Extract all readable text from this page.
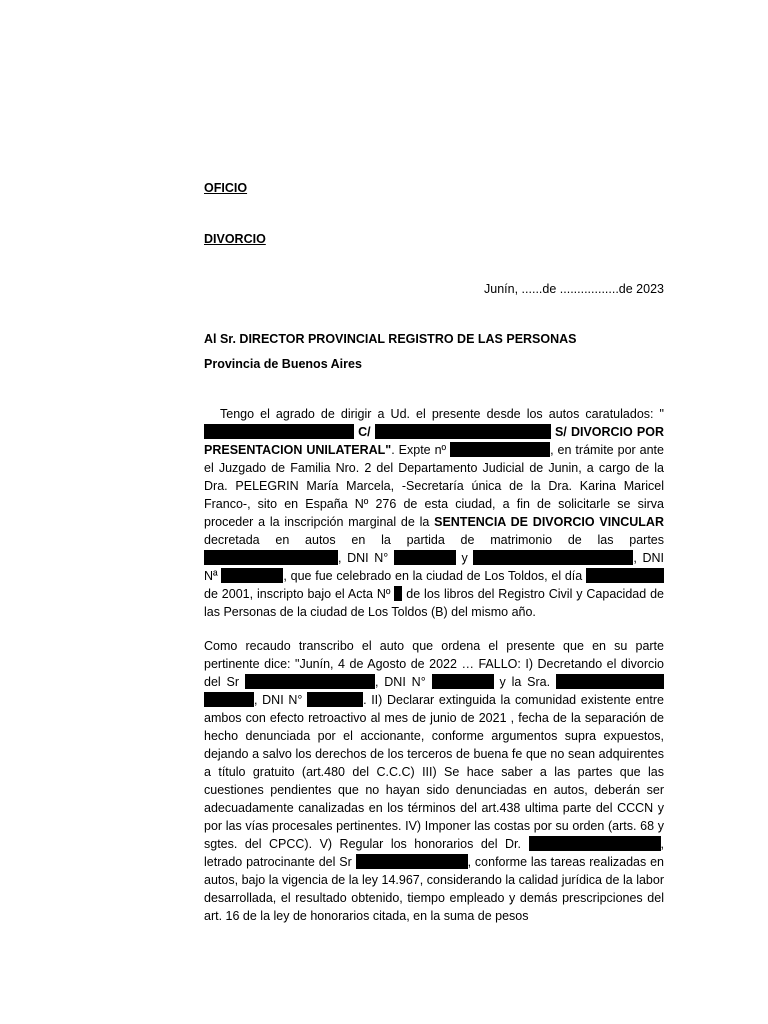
OFICIO
DIVORCIO
Junín, ......de .................de 2023
Al Sr. DIRECTOR PROVINCIAL REGISTRO DE LAS PERSONAS
Provincia de Buenos Aires
Tengo el agrado de dirigir a Ud. el presente desde los autos caratulados: " C/	S/ DIVORCIO POR PRESENTACION UNILATERAL". Expte nº	, en trámite por ante el Juzgado de Familia Nro. 2 del Departamento Judicial de Junin, a cargo de la Dra. PELEGRIN María Marcela, -Secretaría única de la Dra. Karina Maricel Franco-, sito en España Nº 276 de esta ciudad, a fin de solicitarle se sirva proceder a la inscripción marginal de la SENTENCIA DE DIVORCIO VINCULAR decretada en autos en la partida de matrimonio de las partes , DNI N°	y	, DNI Nª	, que fue celebrado en la ciudad de Los Toldos, el día  de 2001, inscripto bajo el Acta Nº de los libros del Registro Civil y Capacidad de las Personas de la ciudad de Los Toldos (B) del mismo año.
Como recaudo transcribo el auto que ordena el presente que en su parte pertinente dice: "Junín, 4 de Agosto de 2022 … FALLO: I) Decretando el divorcio del Sr	, DNI N°	y la Sra.  , DNI N°	. II) Declarar extinguida la comunidad existente entre ambos con efecto retroactivo al mes de junio de 2021 , fecha de la separación de hecho denunciada por el accionante, conforme argumentos supra expuestos, dejando a salvo los derechos de los terceros de buena fe que no sean adquirentes a título gratuito (art.480 del C.C.C) III) Se hace saber a las partes que las cuestiones pendientes que no hayan sido denunciadas en autos, deberán ser adecuadamente canalizadas en los términos del art.438 ultima parte del CCCN y por las vías procesales pertinentes. IV) Imponer las costas por su orden (arts. 68 y sgtes. del CPCC). V) Regular los honorarios del Dr.	, letrado patrocinante del Sr	, conforme las tareas realizadas en autos, bajo la vigencia de la ley 14.967, considerando la calidad jurídica de la labor desarrollada, el resultado obtenido, tiempo empleado y demás prescripciones del art. 16 de la ley de honorarios citada, en la suma de pesos
